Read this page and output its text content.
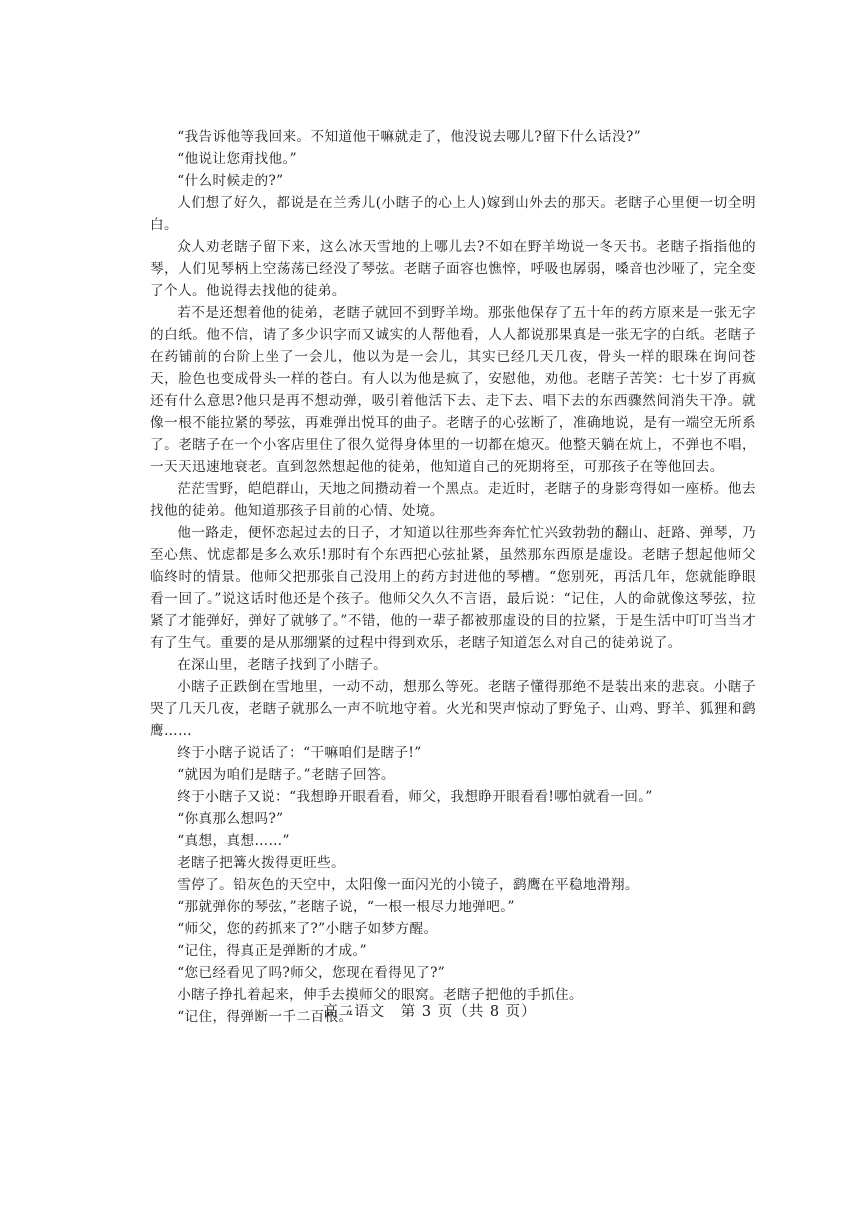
“我告诉他等我回来。不知道他干嘛就走了，他没说去哪儿?留下什么话没?”

“他说让您甭找他。”

“什么时候走的?”

人们想了好久，都说是在兰秀儿(小瞎子的心上人)嫁到山外去的那天。老瞎子心里便一切全明白。

众人劝老瞎子留下来，这么冰天雪地的上哪儿去?不如在野羊坳说一冬天书。老瞎子指指他的琴，人们见琴柄上空荡荡已经没了琴弦。老瞎子面容也憔悴，呼吸也孱弱，嗓音也沙哑了，完全变了个人。他说得去找他的徒弟。

若不是还想着他的徒弟，老瞎子就回不到野羊坳。那张他保存了五十年的药方原来是一张无字的白纸。他不信，请了多少识字而又诚实的人帮他看，人人都说那果真是一张无字的白纸。老瞎子在药铺前的台阶上坐了一会儿，他以为是一会儿，其实已经几天几夜，骨头一样的眼珠在询问苍天，脸色也变成骨头一样的苍白。有人以为他是疯了，安慰他，劝他。老瞎子苦笑：七十岁了再疯还有什么意思?他只是再不想动弹，吸引着他活下去、走下去、唱下去的东西骤然间消失干净。就像一根不能拉紧的琴弦，再难弹出悦耳的曲子。老瞎子的心弦断了，准确地说，是有一端空无所系了。老瞎子在一个小客店里住了很久觉得身体里的一切都在熄灭。他整天躺在炕上，不弹也不唱，一天天迅速地衰老。直到忽然想起他的徒弟，他知道自己的死期将至，可那孩子在等他回去。

茫茫雪野，皑皑群山，天地之间攒动着一个黑点。走近时，老瞎子的身影弯得如一座桥。他去找他的徒弟。他知道那孩子目前的心情、处境。

他一路走，便怀恋起过去的日子，才知道以往那些奔奔忙忙兴致勃勃的翻山、赶路、弹琴，乃至心焦、忧虑都是多么欢乐!那时有个东西把心弦扯紧，虽然那东西原是虚设。老瞎子想起他师父临终时的情景。他师父把那张自己没用上的药方封进他的琴槽。“您别死，再活几年，您就能睁眼看一回了。”说这话时他还是个孩子。他师父久久不言语，最后说：“记住，人的命就像这琴弦，拉紧了才能弹好，弹好了就够了。”不错，他的一辈子都被那虚设的目的拉紧，于是生活中叮叮当当才有了生气。重要的是从那绷紧的过程中得到欢乐，老瞎子知道怎么对自己的徒弟说了。

在深山里，老瞎子找到了小瞎子。

小瞎子正跌倒在雪地里，一动不动，想那么等死。老瞎子懂得那绝不是装出来的悲哀。小瞎子哭了几天几夜，老瞎子就那么一声不吭地守着。火光和哭声惊动了野兔子、山鸡、野羊、狐狸和鹞鹰……

终于小瞎子说话了：“干嘛咱们是瞎子!”

“就因为咱们是瞎子。”老瞎子回答。

终于小瞎子又说：“我想睁开眼看看，师父，我想睁开眼看看!哪怕就看一回。”

“你真那么想吗?”

“真想，真想……”

老瞎子把篝火拨得更旺些。

雪停了。铅灰色的天空中，太阳像一面闪光的小镜子，鹞鹰在平稳地滑翔。

“那就弹你的琴弦，”老瞎子说，“一根一根尽力地弹吧。”

“师父，您的药抓来了?”小瞎子如梦方醒。

“记住，得真正是弹断的才成。”

“您已经看见了吗?师父，您现在看得见了?”

小瞎子挣扎着起来，伸手去摸师父的眼窝。老瞎子把他的手抓住。

“记住，得弹断一千二百根。”

高二语文　第 3 页（共 8 页）
